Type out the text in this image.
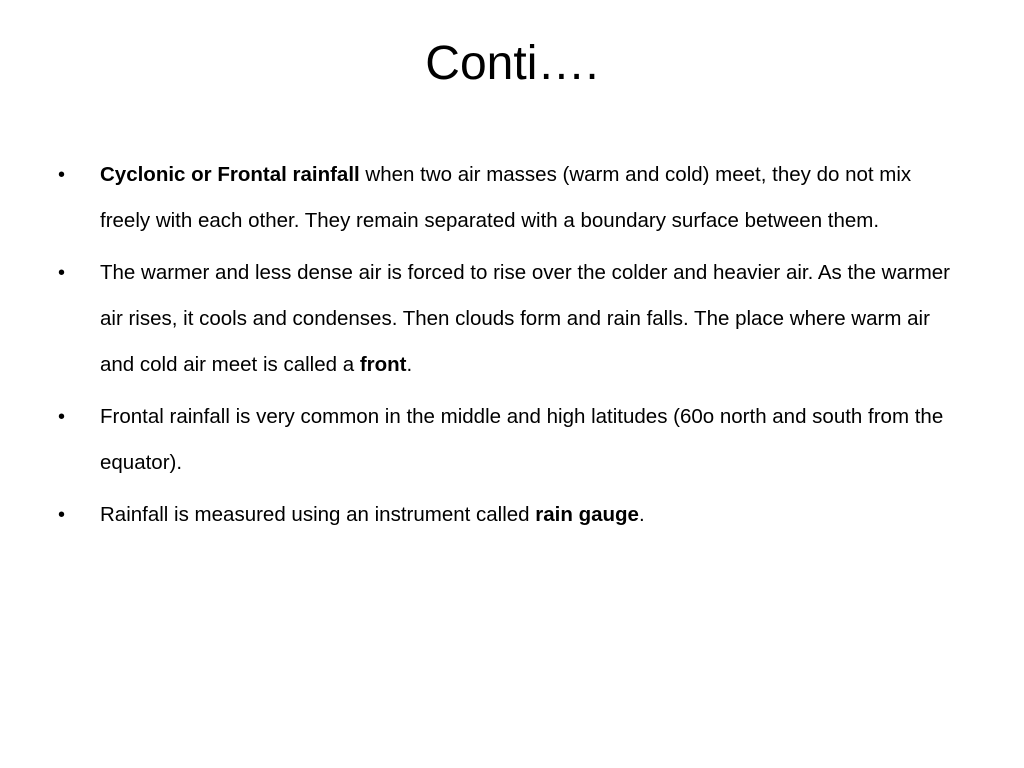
Conti….
•	Cyclonic or Frontal rainfall when two air masses (warm and cold) meet, they do not mix freely with each other. They remain separated with a boundary surface between them.
•	The warmer and less dense air is forced to rise over the colder and heavier air. As the warmer air rises, it cools and condenses. Then clouds form and rain falls. The place where warm air and cold air meet is called a front.
•	Frontal rainfall is very common in the middle and high latitudes (60o north and south from the equator).
•	Rainfall is measured using an instrument called rain gauge.
